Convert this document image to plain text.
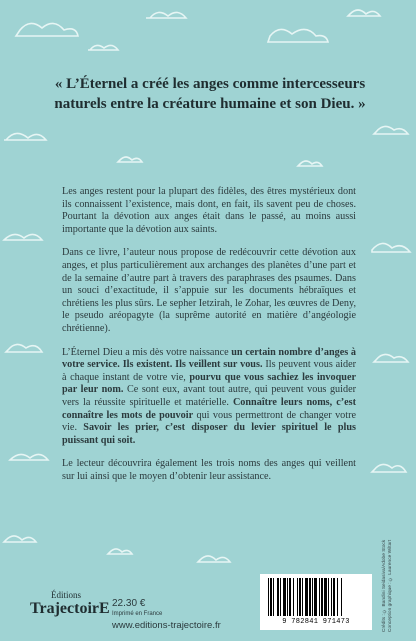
« L’Éternel a créé les anges comme intercesseurs naturels entre la créature humaine et son Dieu. »

Les anges restent pour la plupart des fidèles, des êtres mystérieux dont ils connaissent l’existence, mais dont, en fait, ils savent peu de choses. Pourtant la dévotion aux anges était dans le passé, au moins aussi importante que la dévotion aux saints.

Dans ce livre, l’auteur nous propose de redécouvrir cette dévotion aux anges, et plus particulièrement aux archanges des planètes d’une part et de la semaine d’autre part à travers des paraphrases des psaumes. Dans un souci d’exactitude, il s’appuie sur les documents hébraïques et chrétiens les plus sûrs. Le sepher Ietzirah, le Zohar, les œuvres de Deny, le pseudo aréopagyte (la suprême autorité en matière d’angéologie chrétienne).

L’Éternel Dieu a mis dès votre naissance un certain nombre d’anges à votre service. Ils existent. Ils veillent sur vous. Ils peuvent vous aider à chaque instant de votre vie, pourvu que vous sachiez les invoquer par leur nom. Ce sont eux, avant tout autre, qui peuvent vous guider vers la réussite spirituelle et matérielle. Connaître leurs noms, c’est connaître les mots de pouvoir qui vous permettront de changer votre vie. Savoir les prier, c’est disposer du levier spirituel le plus puissant qui soit.

Le lecteur découvrira également les trois noms des anges qui veillent sur lui ainsi que le moyen d’obtenir leur assistance.

Crédits : © Bandini Seidasiva/Adobe Stock Conception graphique : © Laurence Wiltart
Éditions
TrajectoirE 22.30 €
Imprimé en France
www.editions-trajectoire.fr	9 782841 971473
